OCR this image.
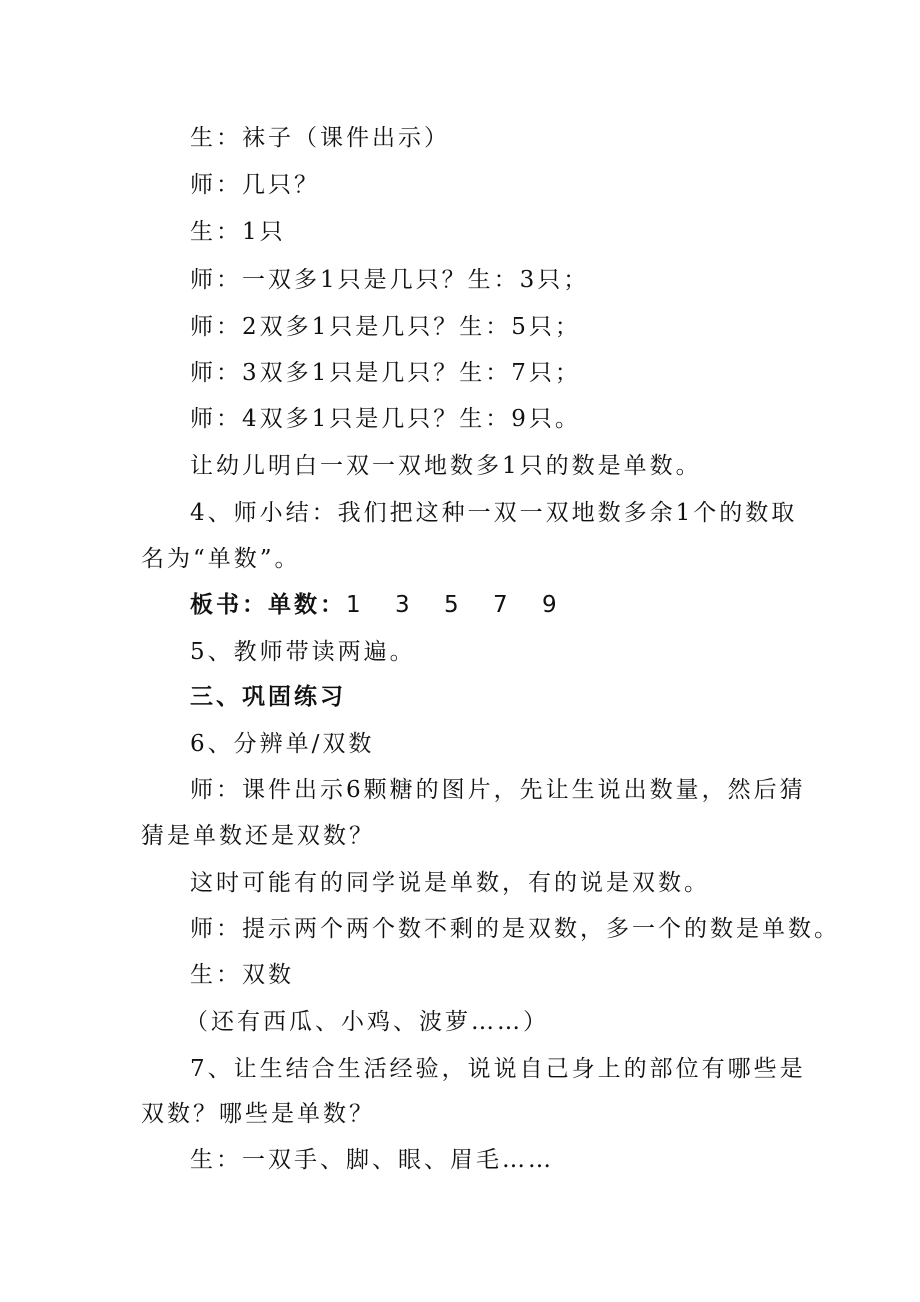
生：袜子（课件出示）
师：几只？
生：1只
师：一双多1只是几只？生：3只；
师：2双多1只是几只？生：5只；
师：3双多1只是几只？生：7只；
师：4双多1只是几只？生：9只。
让幼儿明白一双一双地数多1只的数是单数。
4、师小结：我们把这种一双一双地数多余1个的数取
名为“单数”。
板书：单数：1 3 5 7 9
5、教师带读两遍。
三、巩固练习
6、分辨单/双数
师：课件出示6颗糖的图片，先让生说出数量，然后猜
猜是单数还是双数？
这时可能有的同学说是单数，有的说是双数。
师：提示两个两个数不剩的是双数，多一个的数是单数。
生：双数
（还有西瓜、小鸡、波萝……）
7、让生结合生活经验，说说自己身上的部位有哪些是
双数？哪些是单数？
生：一双手、脚、眼、眉毛……
